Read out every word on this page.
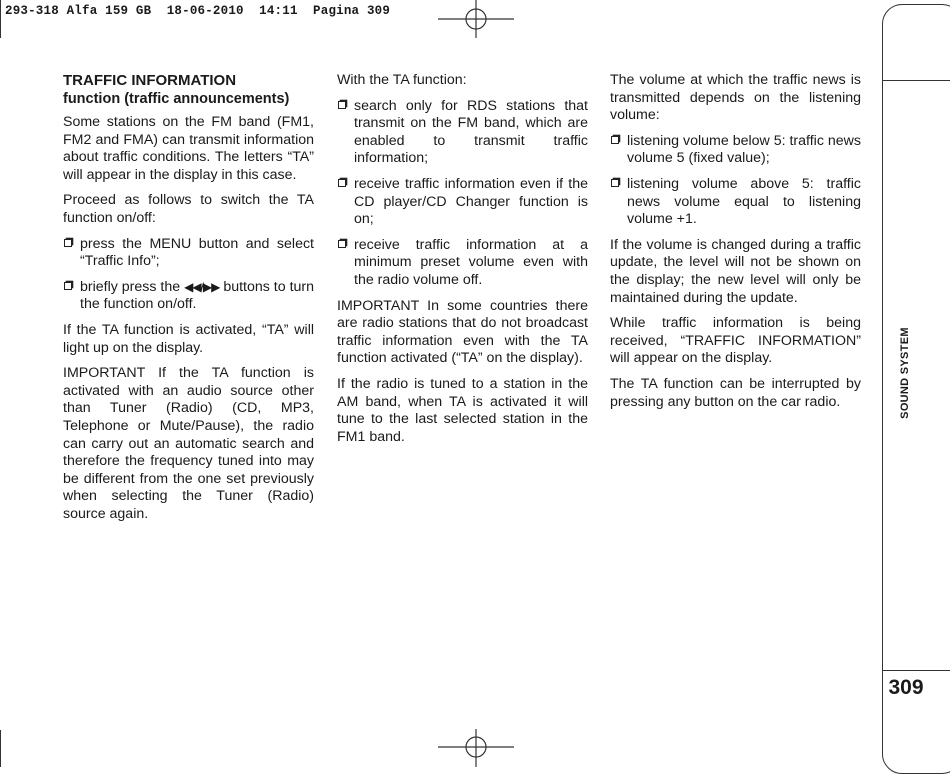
293-318 Alfa 159 GB  18-06-2010  14:11  Pagina 309
TRAFFIC INFORMATION
function (traffic announcements)

Some stations on the FM band (FM1, FM2 and FMA) can transmit information about traffic conditions. The letters “TA” will appear in the display in this case.

Proceed as follows to switch the TA function on/off:

press the MENU button and select “Traffic Info”;
briefly press the ◀◀/▶▶ buttons to turn the function on/off.

If the TA function is activated, “TA” will light up on the display.

IMPORTANT If the TA function is activated with an audio source other than Tuner (Radio) (CD, MP3, Telephone or Mute/Pause), the radio can carry out an automatic search and therefore the frequency tuned into may be different from the one set previously when selecting the Tuner (Radio) source again.

With the TA function:

search only for RDS stations that transmit on the FM band, which are enabled to transmit traffic information;
receive traffic information even if the CD player/CD Changer function is on;
receive traffic information at a minimum preset volume even with the radio volume off.

IMPORTANT In some countries there are radio stations that do not broadcast traffic information even with the TA function activated (“TA” on the display).

If the radio is tuned to a station in the AM band, when TA is activated it will tune to the last selected station in the FM1 band.

The volume at which the traffic news is transmitted depends on the listening volume:

listening volume below 5: traffic news volume 5 (fixed value);
listening volume above 5: traffic news volume equal to listening volume +1.

If the volume is changed during a traffic update, the level will not be shown on the display; the new level will only be maintained during the update.

While traffic information is being received, “TRAFFIC INFORMATION” will appear on the display.

The TA function can be interrupted by pressing any button on the car radio.	SOUND SYSTEM
309
